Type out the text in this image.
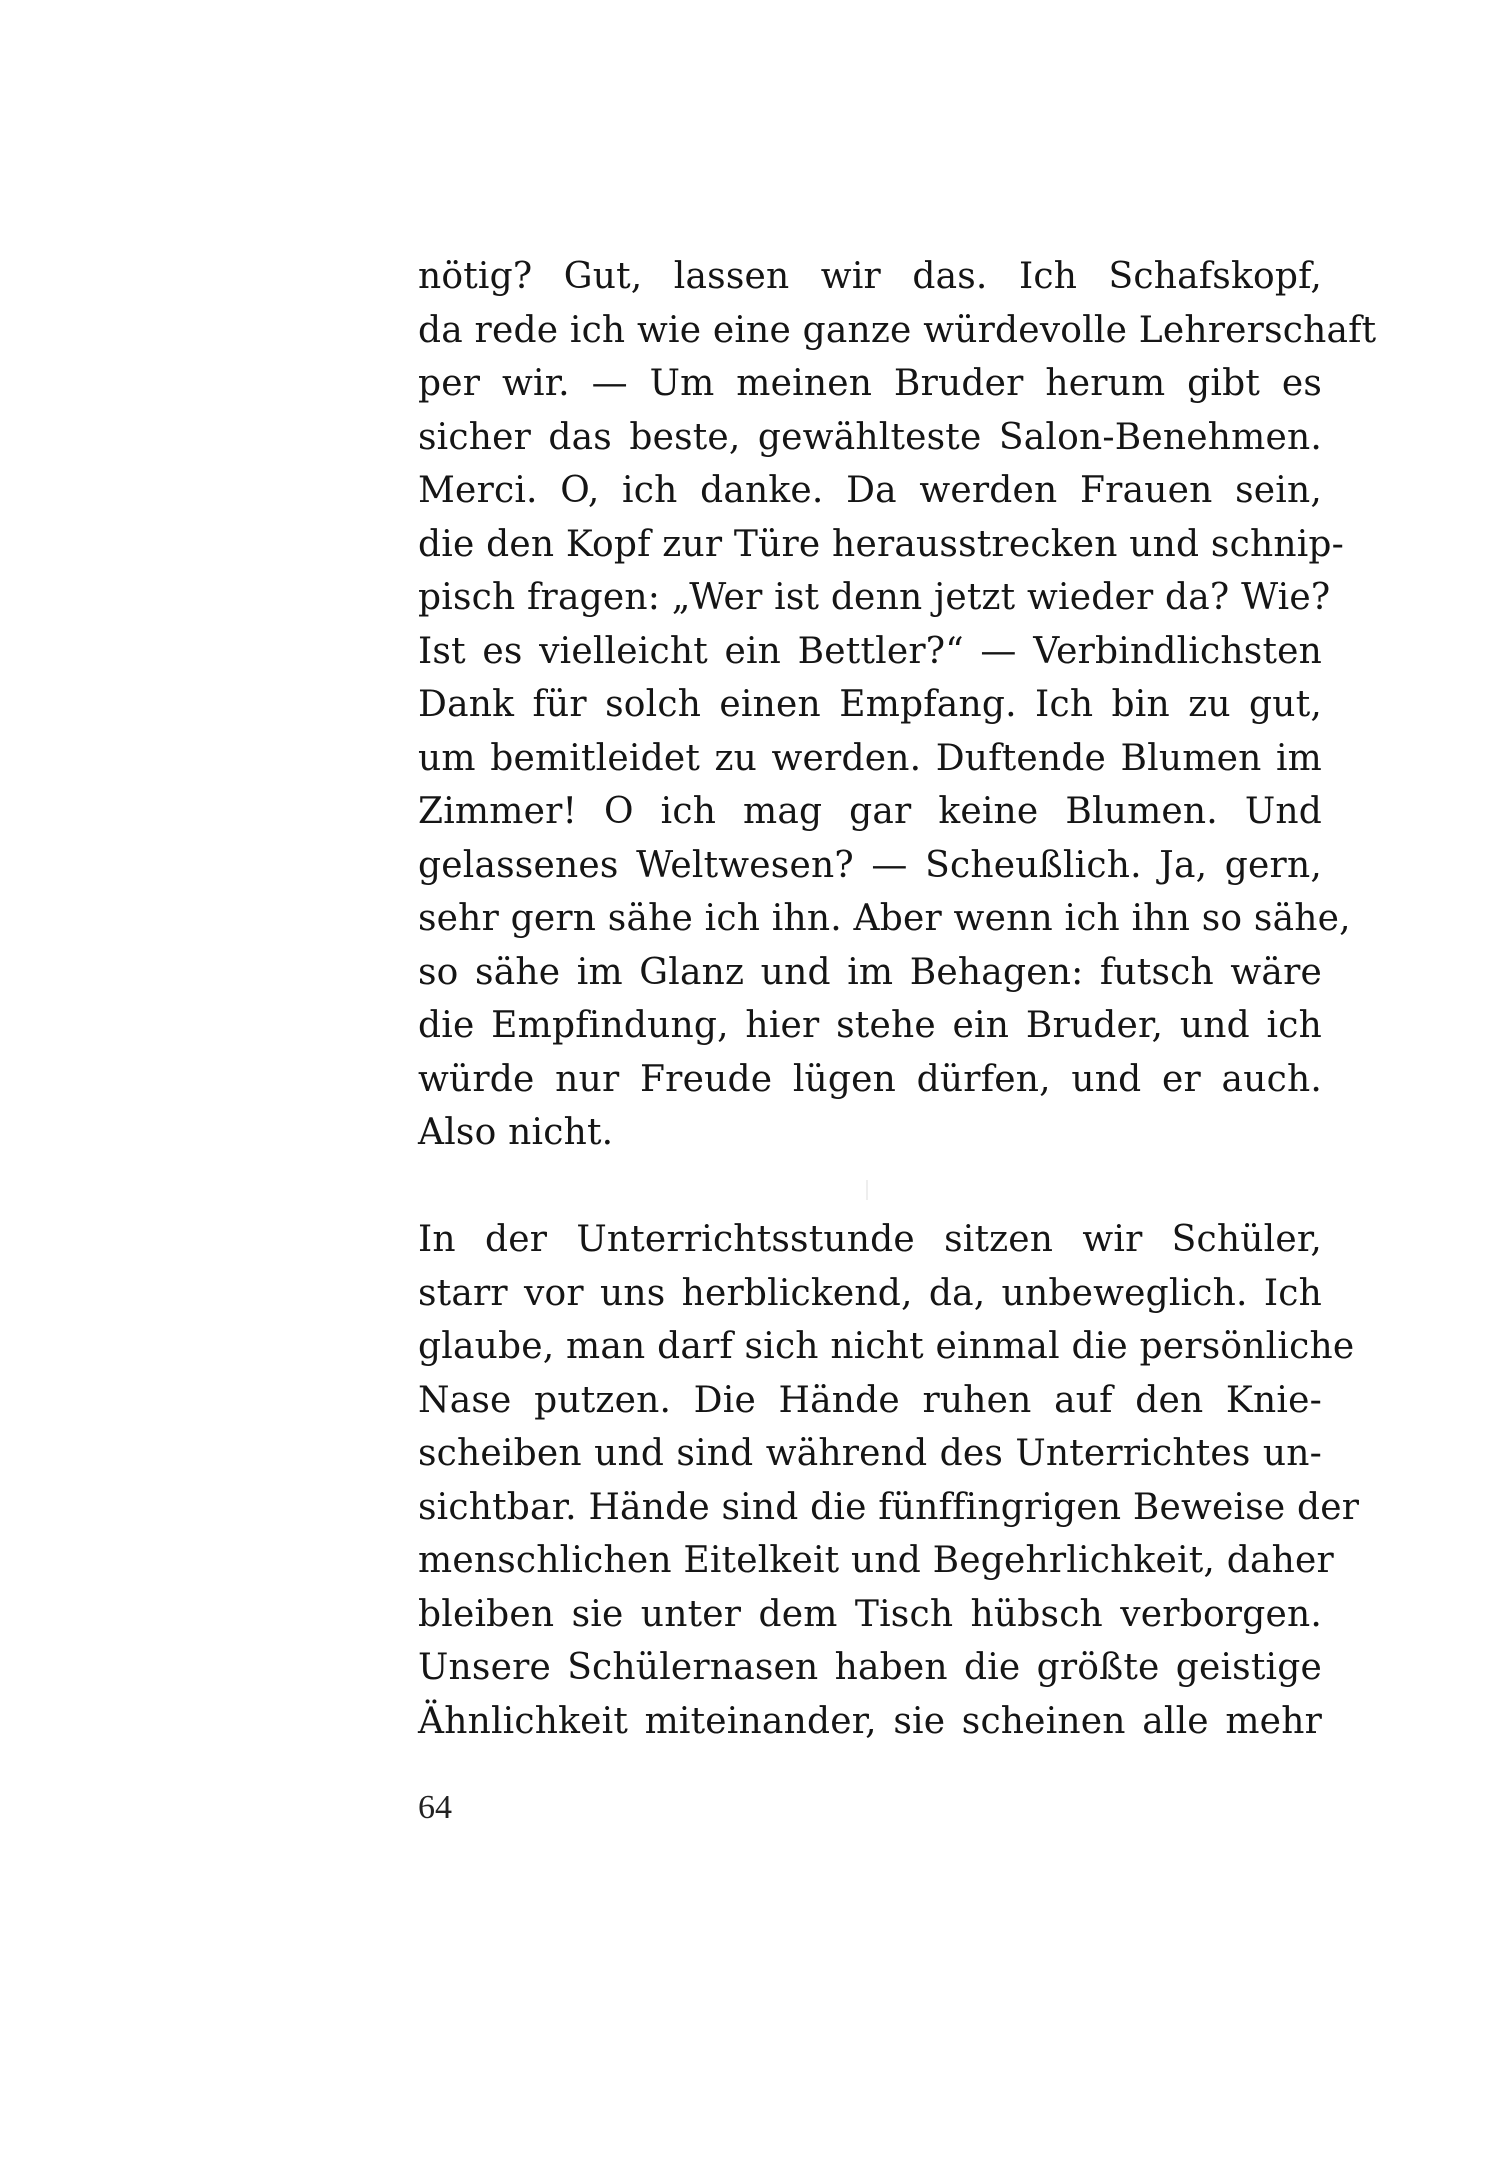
nötig? Gut, lassen wir das. Ich Schafskopf,
da rede ich wie eine ganze würdevolle Lehrerschaft
per wir. — Um meinen Bruder herum gibt es
sicher das beste, gewählteste Salon-Benehmen.
Merci. O, ich danke. Da werden Frauen sein,
die den Kopf zur Türe herausstrecken und schnip-
pisch fragen: „Wer ist denn jetzt wieder da? Wie?
Ist es vielleicht ein Bettler?“ — Verbindlichsten
Dank für solch einen Empfang. Ich bin zu gut,
um bemitleidet zu werden. Duftende Blumen im
Zimmer! O ich mag gar keine Blumen. Und
gelassenes Weltwesen? — Scheußlich. Ja, gern,
sehr gern sähe ich ihn. Aber wenn ich ihn so sähe,
so sähe im Glanz und im Behagen: futsch wäre
die Empfindung, hier stehe ein Bruder, und ich
würde nur Freude lügen dürfen, und er auch.
Also nicht.
In der Unterrichtsstunde sitzen wir Schüler,
starr vor uns herblickend, da, unbeweglich. Ich
glaube, man darf sich nicht einmal die persönliche
Nase putzen. Die Hände ruhen auf den Knie-
scheiben und sind während des Unterrichtes un-
sichtbar. Hände sind die fünffingrigen Beweise der
menschlichen Eitelkeit und Begehrlichkeit, daher
bleiben sie unter dem Tisch hübsch verborgen.
Unsere Schülernasen haben die größte geistige
Ähnlichkeit miteinander, sie scheinen alle mehr
64
